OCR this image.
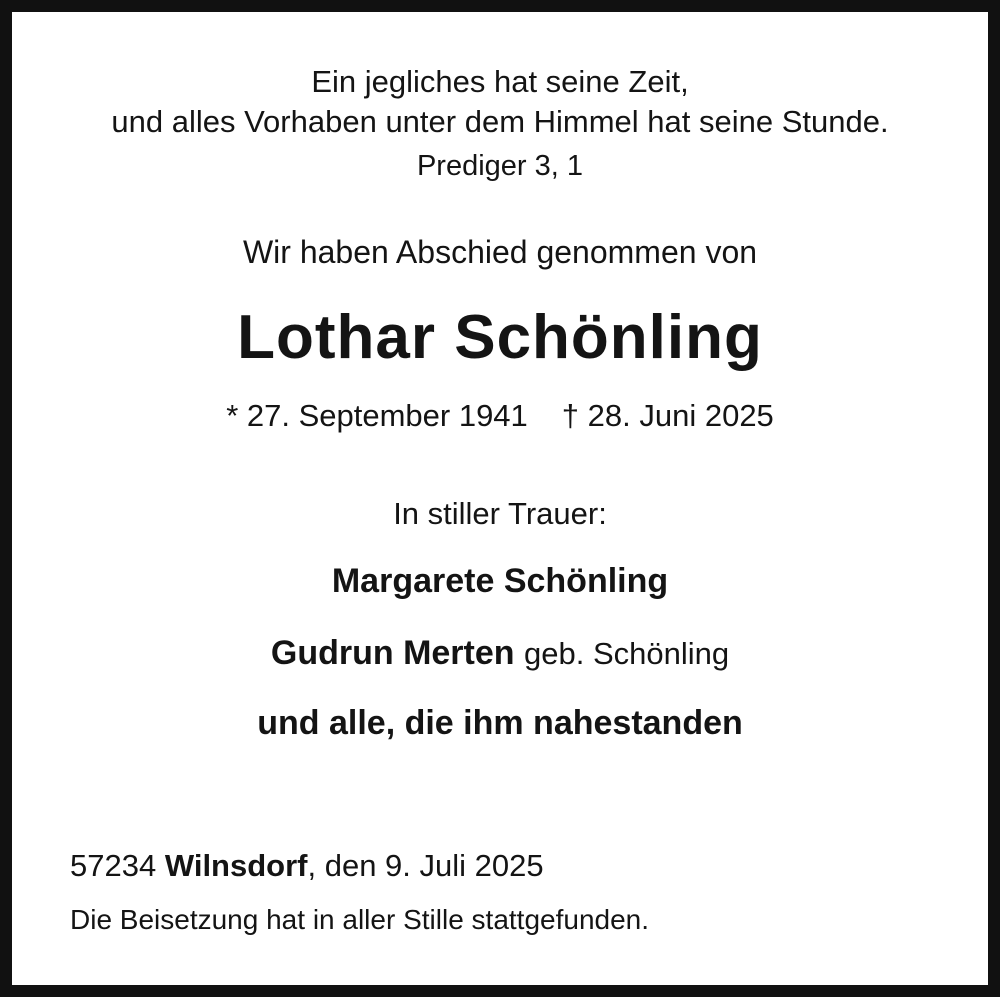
Ein jegliches hat seine Zeit,
und alles Vorhaben unter dem Himmel hat seine Stunde.
Prediger 3, 1
Wir haben Abschied genommen von
Lothar Schönling
* 27. September 1941 † 28. Juni 2025
In stiller Trauer:
Margarete Schönling
Gudrun Merten geb. Schönling
und alle, die ihm nahestanden
57234 Wilnsdorf, den 9. Juli 2025
Die Beisetzung hat in aller Stille stattgefunden.
